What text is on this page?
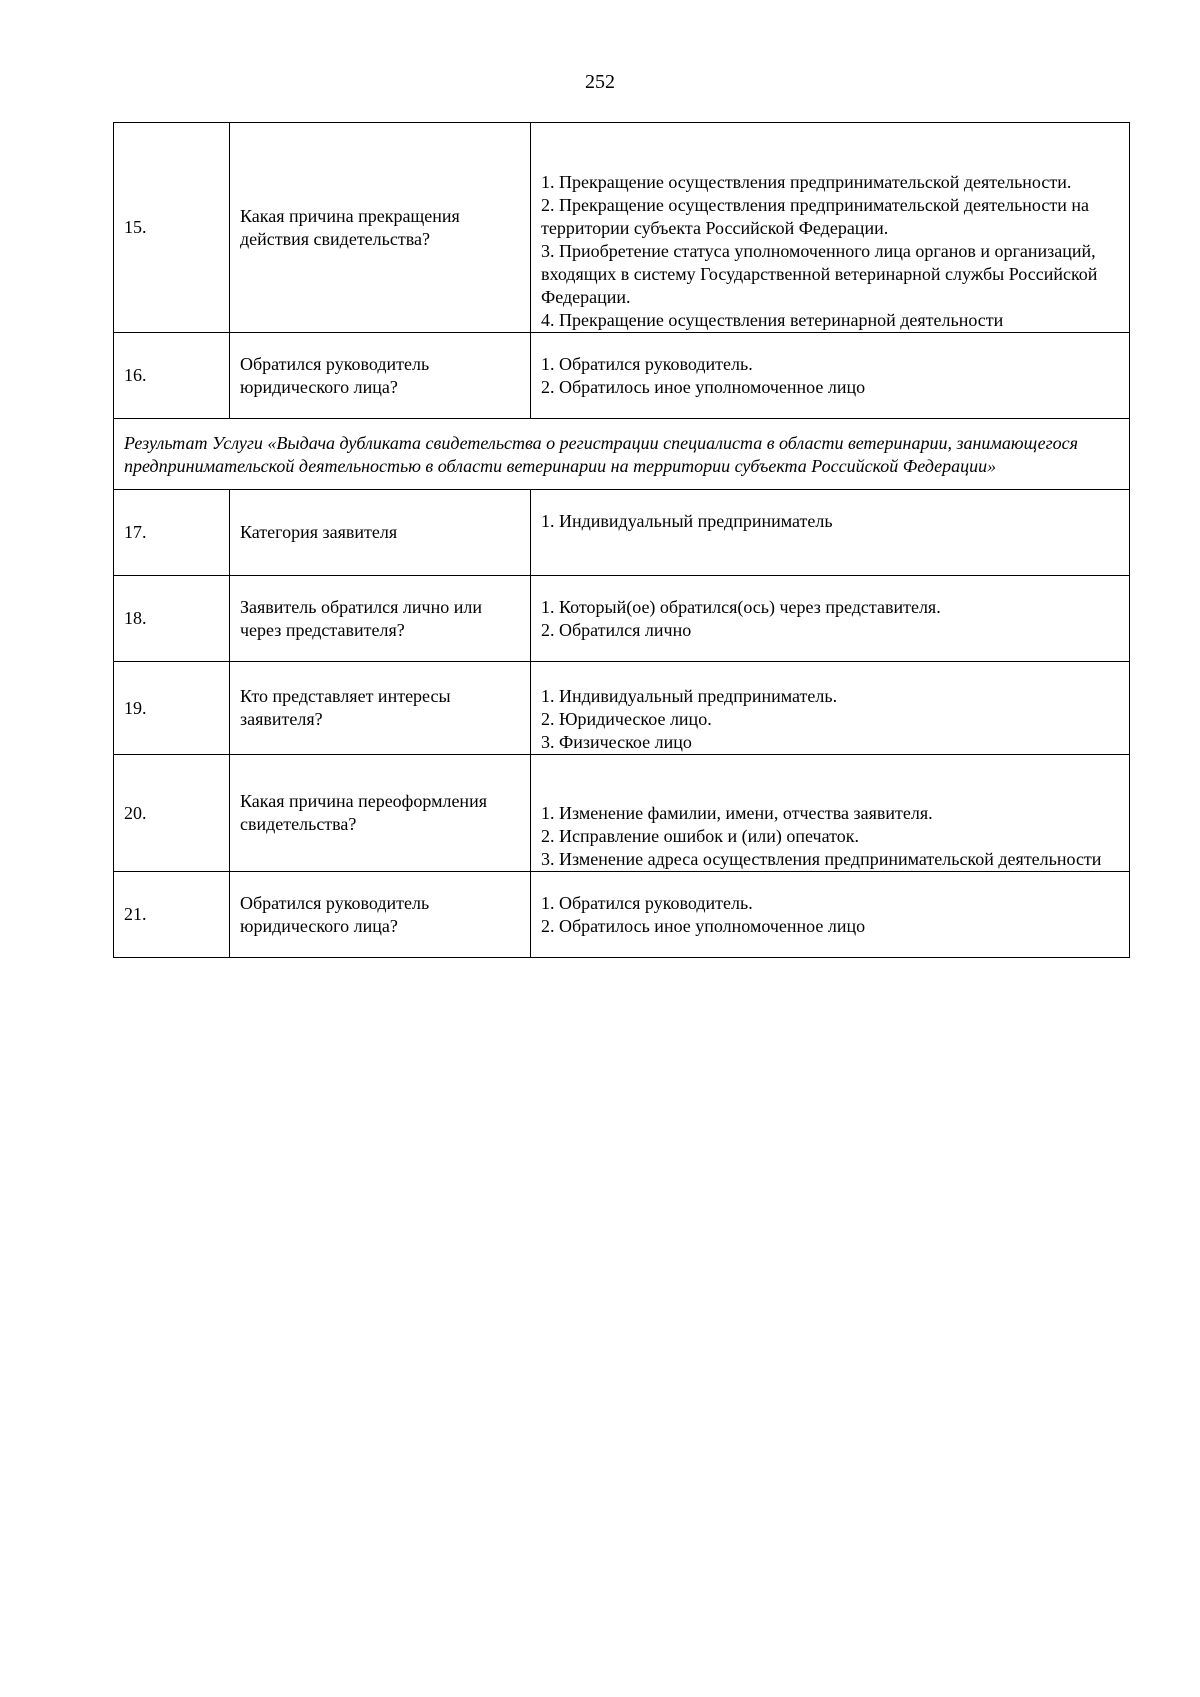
252
15.	Какая причина прекращения действия свидетельства?	1. Прекращение осуществления предпринимательской деятельности.
2. Прекращение осуществления предпринимательской деятельности на территории субъекта Российской Федерации.
3. Приобретение статуса уполномоченного лица органов и организаций, входящих в систему Государственной ветеринарной службы Российской Федерации.
4. Прекращение осуществления ветеринарной деятельности

16.	Обратился руководитель юридического лица?	1. Обратился руководитель.
2. Обратилось иное уполномоченное лицо

Результат Услуги «Выдача дубликата свидетельства о регистрации специалиста в области ветеринарии, занимающегося предпринимательской деятельностью в области ветеринарии на территории субъекта Российской Федерации»		
17.	Категория заявителя	1. Индивидуальный предприниматель

18.	Заявитель обратился лично или через представителя?	1. Который(ое) обратился(ось) через представителя.
2. Обратился лично

19.	Кто представляет интересы заявителя?	1. Индивидуальный предприниматель.
2. Юридическое лицо.
3. Физическое лицо

20.	Какая причина переоформления свидетельства?	1. Изменение фамилии, имени, отчества заявителя.
2. Исправление ошибок и (или) опечаток.
3. Изменение адреса осуществления предпринимательской деятельности

21.	Обратился руководитель юридического лица?	1. Обратился руководитель.
2. Обратилось иное уполномоченное лицо
